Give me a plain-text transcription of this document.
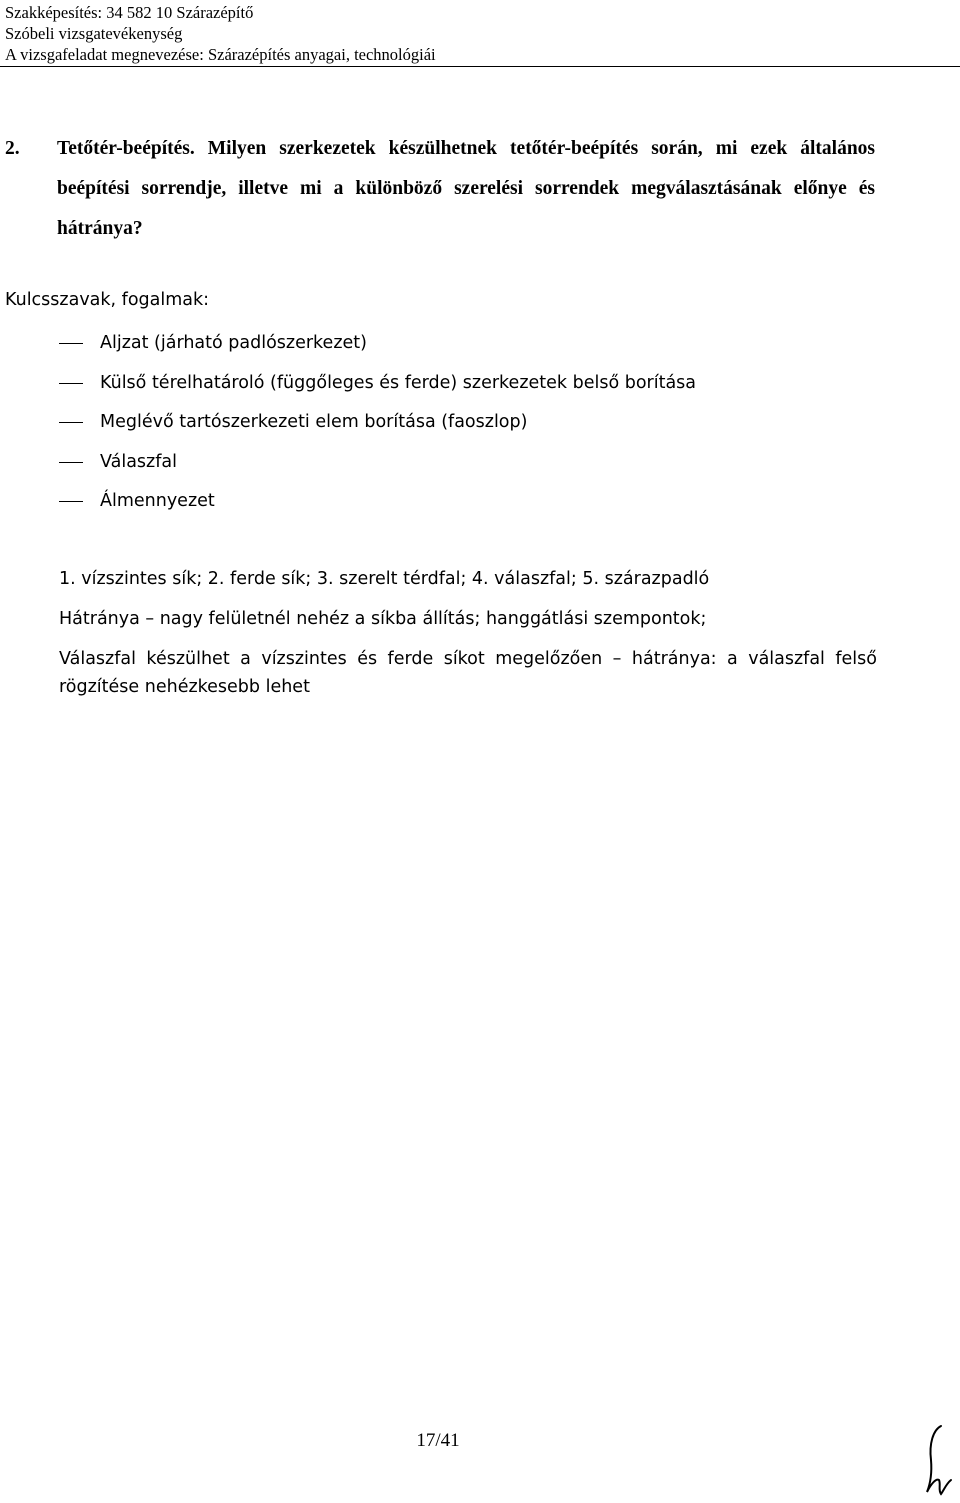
Szakképesítés: 34 582 10 Szárazépítő
Szóbeli vizsgatevékenység
A vizsgafeladat megnevezése: Szárazépítés anyagai, technológiái
2. Tetőtér-beépítés. Milyen szerkezetek készülhetnek tetőtér-beépítés során, mi ezek általános beépítési sorrendje, illetve mi a különböző szerelési sorrendek megválasztásának előnye és hátránya?
Kulcsszavak, fogalmak:
Aljzat (járható padlószerkezet)
Külső térelhatároló (függőleges és ferde) szerkezetek belső borítása
Meglévő tartószerkezeti elem borítása (faoszlop)
Válaszfal
Álmennyezet
1. vízszintes sík; 2. ferde sík; 3. szerelt térdfal; 4. válaszfal; 5. szárazpadló
Hátránya – nagy felületnél nehéz a síkba állítás; hanggátlási szempontok;
Válaszfal készülhet a vízszintes és ferde síkot megelőzően – hátránya: a válaszfal felső rögzítése nehézkesebb lehet
17/41
